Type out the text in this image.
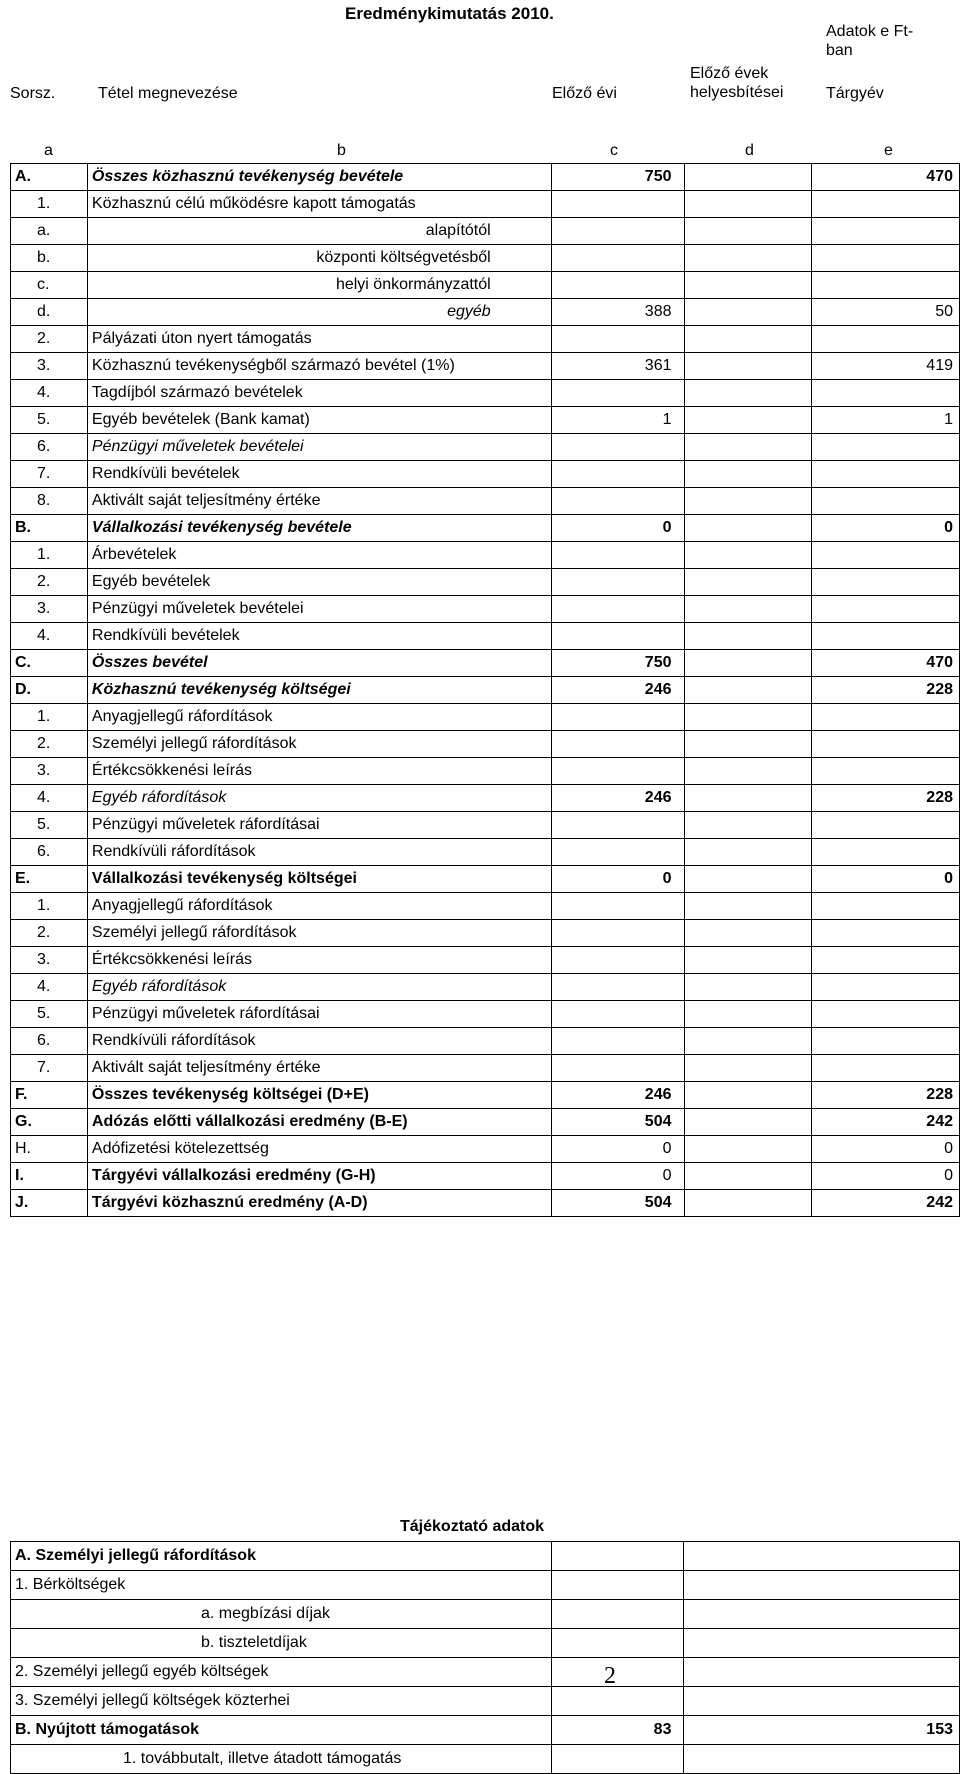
Eredménykimutatás 2010.
Adatok e Ft-ban
Sorsz.	Tétel megnevezése	Előző évi
Előző évek helyesbítései	Tárgyév
a	b	c	d	e
A.	Összes közhasznú tevékenység bevétele	750		470
1.	Közhasznú célú működésre kapott támogatás			
a.	alapítótól			
b.	központi költségvetésből			
c.	helyi önkormányzattól			
d.	egyéb	388		50
2.	Pályázati úton nyert támogatás			
3.	Közhasznú tevékenységből származó bevétel (1%)	361		419
4.	Tagdíjból származó bevételek			
5.	Egyéb bevételek (Bank kamat)	1		1
6.	Pénzügyi műveletek bevételei			
7.	Rendkívüli bevételek			
8.	Aktivált saját teljesítmény értéke			
B.	Vállalkozási tevékenység bevétele	0		0
1.	Árbevételek			
2.	Egyéb bevételek			
3.	Pénzügyi műveletek bevételei			
4.	Rendkívüli bevételek			
C.	Összes bevétel	750		470
D.	Közhasznú tevékenység költségei	246		228
1.	Anyagjellegű ráfordítások			
2.	Személyi jellegű ráfordítások			
3.	Értékcsökkenési leírás			
4.	Egyéb ráfordítások	246		228
5.	Pénzügyi műveletek ráfordításai			
6.	Rendkívüli ráfordítások			
E.	Vállalkozási tevékenység költségei	0		0
1.	Anyagjellegű ráfordítások			
2.	Személyi jellegű ráfordítások			
3.	Értékcsökkenési leírás			
4.	Egyéb ráfordítások			
5.	Pénzügyi műveletek ráfordításai			
6.	Rendkívüli ráfordítások			
7.	Aktivált saját teljesítmény értéke			
F.	Összes tevékenység költségei (D+E)	246		228
G.	Adózás előtti vállalkozási eredmény (B-E)	504		242
H.	Adófizetési kötelezettség	0		0
I.	Tárgyévi vállalkozási eredmény (G-H)	0		0
J.	Tárgyévi közhasznú eredmény (A-D)	504		242
Tájékoztató adatok
A. Személyi jellegű ráfordítások		
1. Bérköltségek		
a. megbízási díjak		
b. tiszteletdíjak		
2. Személyi jellegű egyéb költségek		
3. Személyi jellegű költségek közterhei		
B. Nyújtott támogatások	83	153
1. továbbutalt, illetve átadott támogatás		
2
